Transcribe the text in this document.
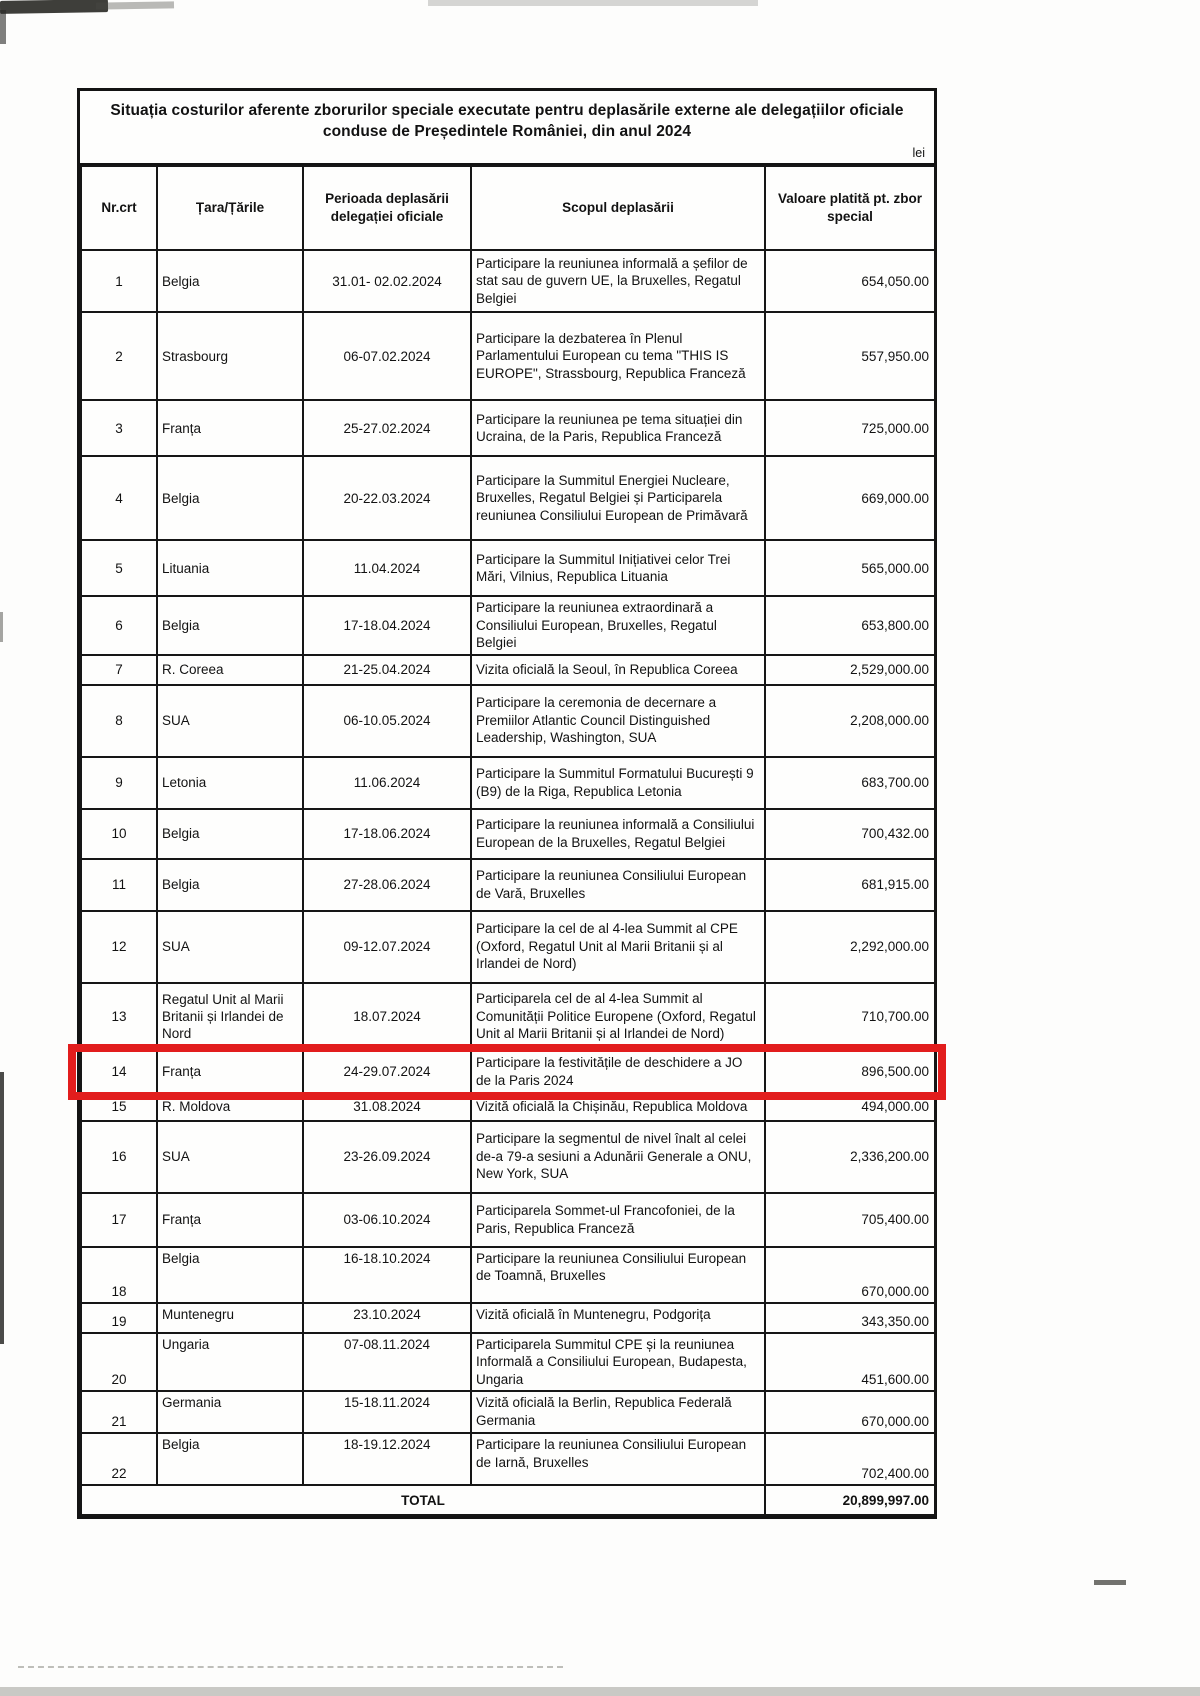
Situația costurilor aferente zborurilor speciale executate pentru deplasările externe ale delegațiilor oficiale
conduse de Președintele României, din anul 2024
lei
Nr.crt	Țara/Țările	Perioada deplasării delegației oficiale	Scopul deplasării	Valoare platită pt. zbor special
1	Belgia	31.01- 02.02.2024	Participare la reuniunea informală a șefilor de stat sau de guvern UE, la Bruxelles, Regatul Belgiei	654,050.00
2	Strasbourg	06-07.02.2024	Participare la dezbaterea în Plenul Parlamentului European cu tema "THIS IS EUROPE", Strassbourg, Republica Franceză	557,950.00
3	Franța	25-27.02.2024	Participare la reuniunea pe tema situației din Ucraina, de la Paris, Republica Franceză	725,000.00
4	Belgia	20-22.03.2024	Participare la Summitul Energiei Nucleare, Bruxelles, Regatul Belgiei și Participarela reuniunea Consiliului European de Primăvară	669,000.00
5	Lituania	11.04.2024	Participare la Summitul Inițiativei celor Trei Mări, Vilnius, Republica Lituania	565,000.00
6	Belgia	17-18.04.2024	Participare la reuniunea extraordinară a Consiliului European, Bruxelles, Regatul Belgiei	653,800.00
7	R. Coreea	21-25.04.2024	Vizita oficială la Seoul, în Republica Coreea	2,529,000.00
8	SUA	06-10.05.2024	Participare la ceremonia de decernare a Premiilor Atlantic Council Distinguished Leadership, Washington, SUA	2,208,000.00
9	Letonia	11.06.2024	Participare la Summitul Formatului București 9 (B9) de la Riga, Republica Letonia	683,700.00
10	Belgia	17-18.06.2024	Participare la reuniunea informală a Consiliului European de la Bruxelles, Regatul Belgiei	700,432.00
11	Belgia	27-28.06.2024	Participare la reuniunea Consiliului European de Vară, Bruxelles	681,915.00
12	SUA	09-12.07.2024	Participare la cel de al 4-lea Summit al CPE (Oxford, Regatul Unit al Marii Britanii și al Irlandei de Nord)	2,292,000.00
13	Regatul Unit al Marii Britanii și Irlandei de Nord	18.07.2024	Participarela cel de al 4-lea Summit al Comunității Politice Europene (Oxford, Regatul Unit al Marii Britanii și al Irlandei de Nord)	710,700.00
14	Franța	24-29.07.2024	Participare la festivitățile de deschidere a JO de la Paris 2024	896,500.00
15	R. Moldova	31.08.2024	Vizită oficială la Chișinău, Republica Moldova	494,000.00
16	SUA	23-26.09.2024	Participare la segmentul de nivel înalt al celei de-a 79-a sesiuni a Adunării Generale a ONU, New York, SUA	2,336,200.00
17	Franța	03-06.10.2024	Participarela Sommet-ul Francofoniei, de la Paris, Republica Franceză	705,400.00
18	Belgia	16-18.10.2024	Participare la reuniunea Consiliului European de Toamnă, Bruxelles	670,000.00
19	Muntenegru	23.10.2024	Vizită oficială în Muntenegru, Podgorița	343,350.00
20	Ungaria	07-08.11.2024	Participarela Summitul CPE și la reuniunea Informală a Consiliului European, Budapesta, Ungaria	451,600.00
21	Germania	15-18.11.2024	Vizită oficială la Berlin, Republica Federală Germania	670,000.00
22	Belgia	18-19.12.2024	Participare la reuniunea Consiliului European de Iarnă, Bruxelles	702,400.00
TOTAL				20,899,997.00
